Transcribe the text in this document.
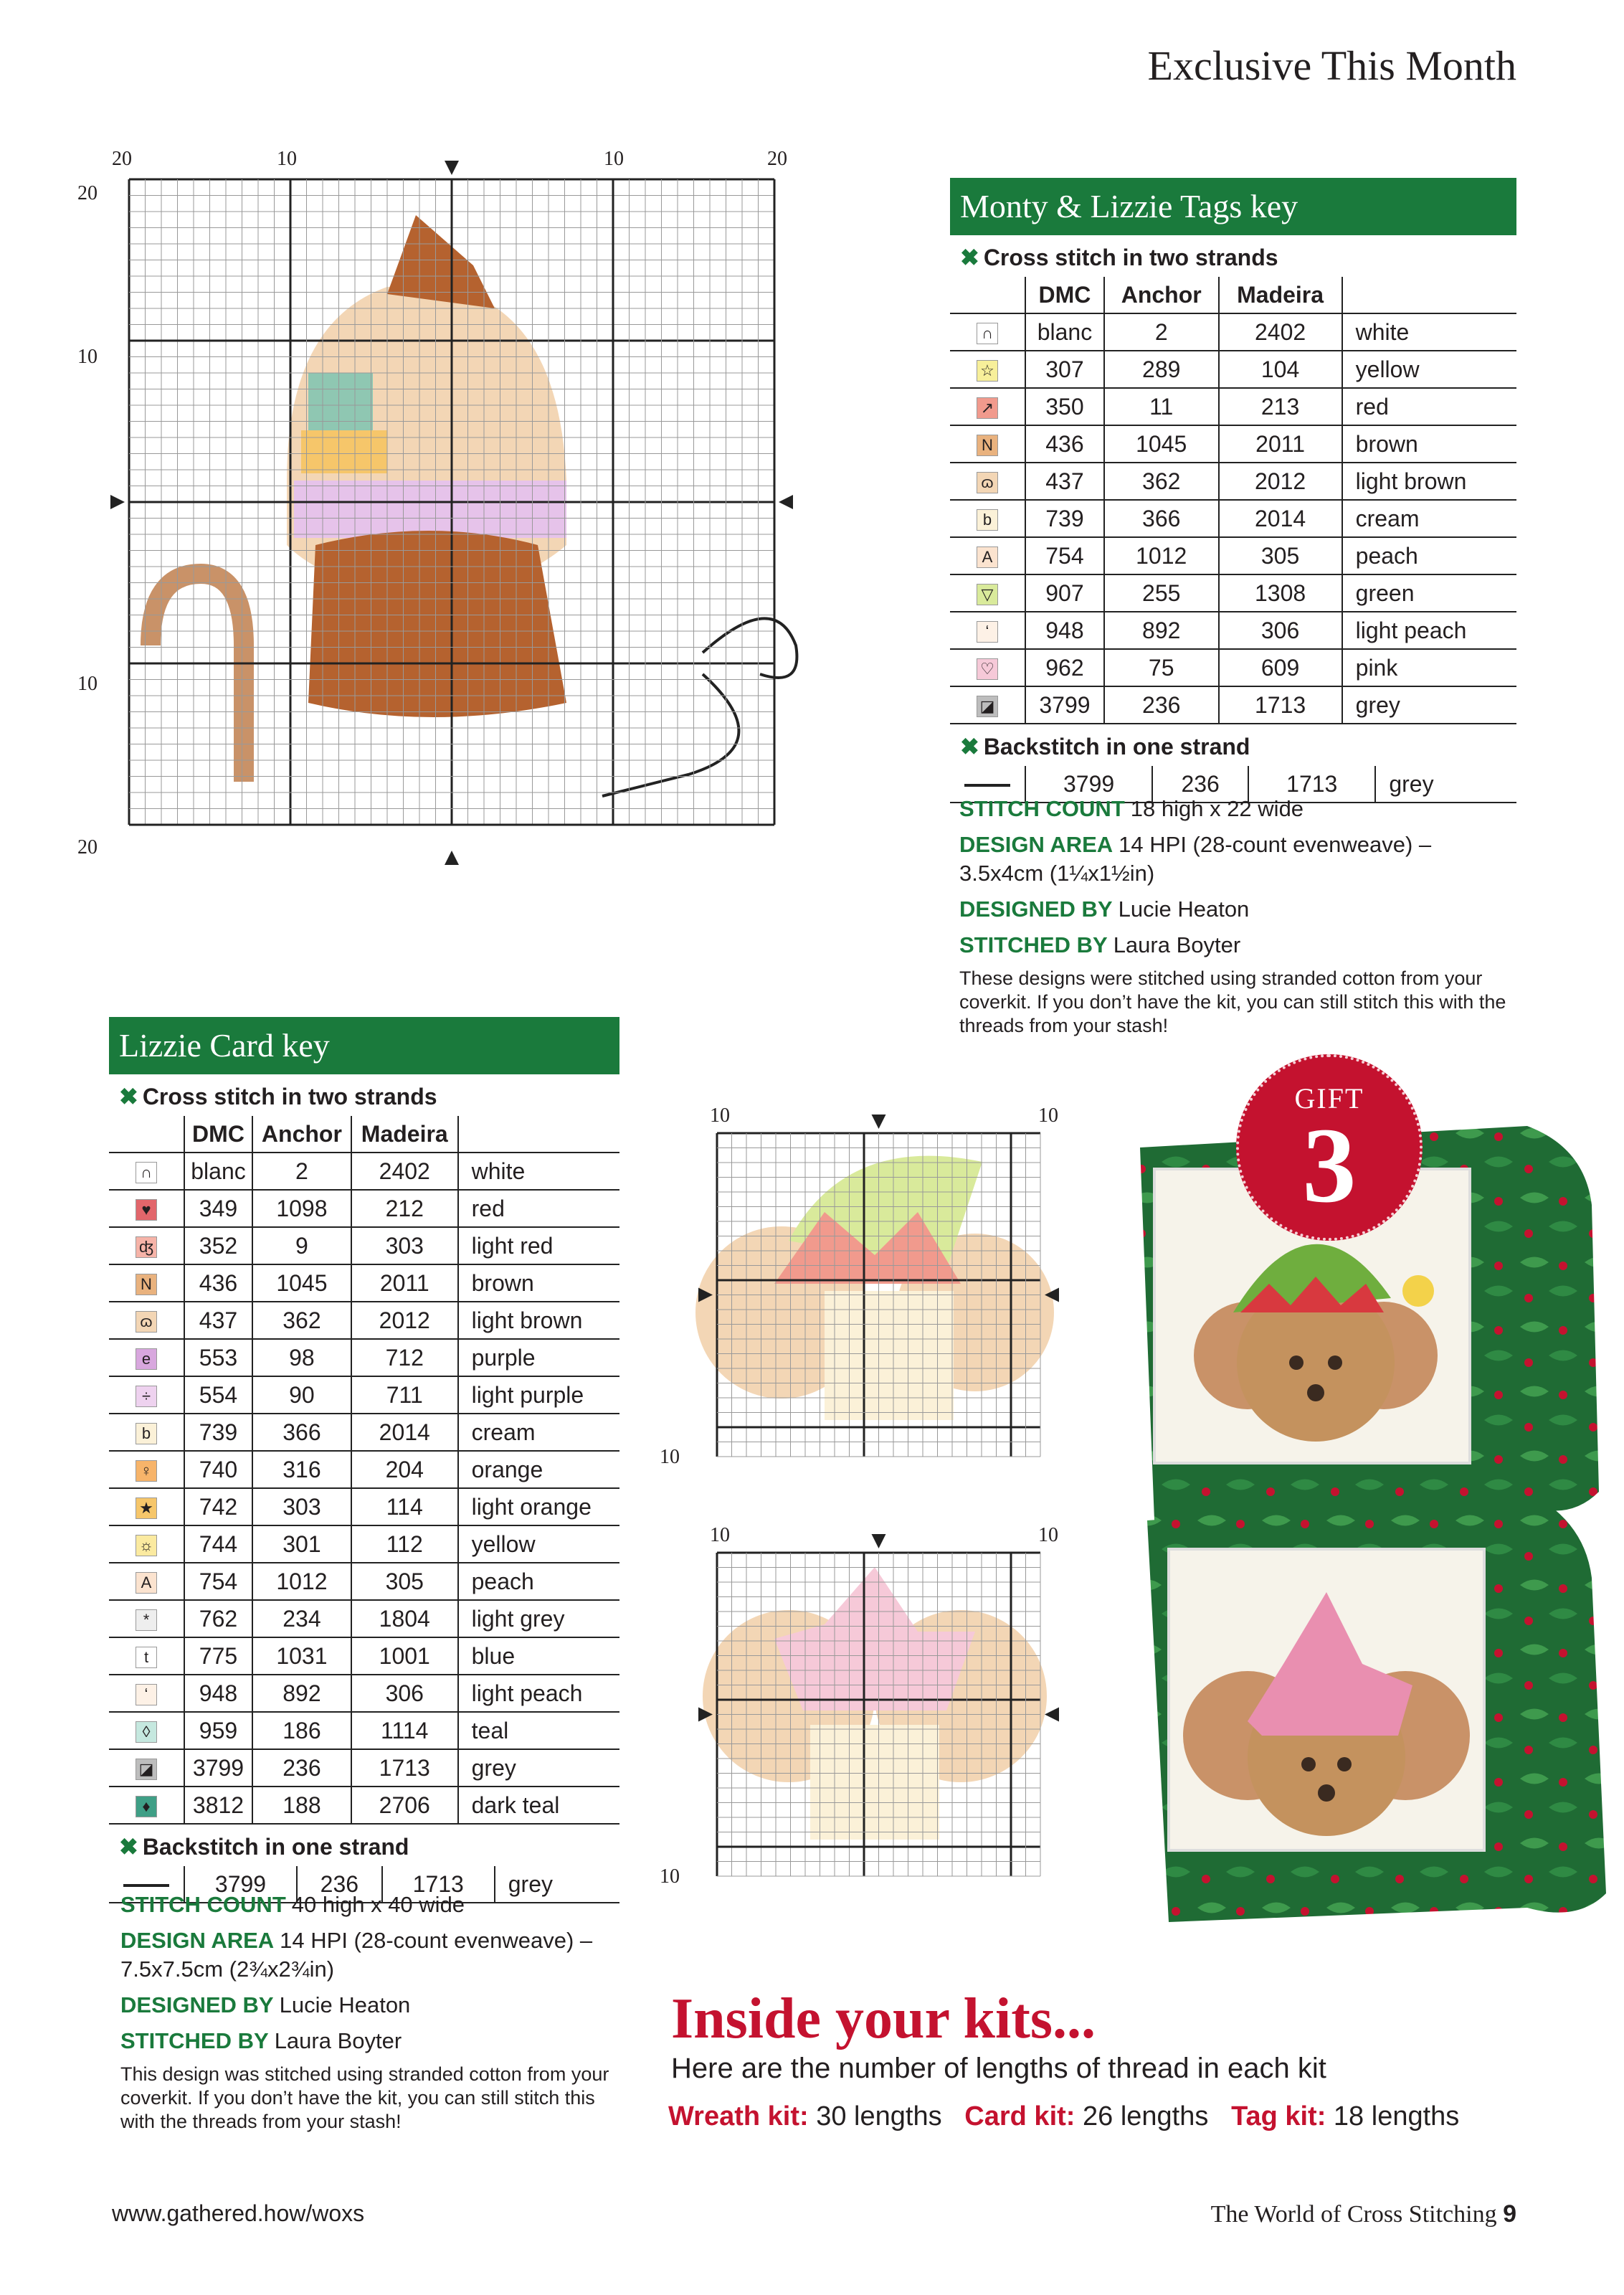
Exclusive This Month
20	10	10	20
20
10
10
20
Monty & Lizzie Tags key
✖ Cross stitch in two strands
	DMC	Anchor	Madeira	
∩	blanc	2	2402	white
☆	307	289	104	yellow
↗	350	11	213	red
N	436	1045	2011	brown
ɷ	437	362	2012	light brown
b	739	366	2014	cream
A	754	1012	305	peach
▽	907	255	1308	green
ʻ	948	892	306	light peach
♡	962	75	609	pink
◪	3799	236	1713	grey
✖ Backstitch in one strand
	3799	236	1713	grey

STITCH COUNT 18 high x 22 wide

DESIGN AREA 14 HPI (28-count evenweave) – 3.5x4cm (1¼x1½in)

DESIGNED BY Lucie Heaton

STITCHED BY Laura Boyter

These designs were stitched using stranded cotton from your coverkit. If you don’t have the kit, you can still stitch this with the threads from your stash!
Lizzie Card key
✖ Cross stitch in two strands
	DMC	Anchor	Madeira	
∩	blanc	2	2402	white
♥	349	1098	212	red
ʤ	352	9	303	light red
N	436	1045	2011	brown
ɷ	437	362	2012	light brown
e	553	98	712	purple
÷	554	90	711	light purple
b	739	366	2014	cream
♀	740	316	204	orange
★	742	303	114	light orange
☼	744	301	112	yellow
A	754	1012	305	peach
*	762	234	1804	light grey
t	775	1031	1001	blue
ʻ	948	892	306	light peach
◊	959	186	1114	teal
◪	3799	236	1713	grey
♦	3812	188	2706	dark teal
✖ Backstitch in one strand
	3799	236	1713	grey

STITCH COUNT 40 high x 40 wide

DESIGN AREA 14 HPI (28-count evenweave) – 7.5x7.5cm (2¾x2¾in)

DESIGNED BY Lucie Heaton

STITCHED BY Laura Boyter

This design was stitched using stranded cotton from your coverkit. If you don’t have the kit, you can still stitch this with the threads from your stash!
10	10
10
10	10
10
GIFT
3
Inside your kits...
Here are the number of lengths of thread in each kit
Wreath kit: 30 lengths Card kit: 26 lengths Tag kit: 18 lengths
www.gathered.how/woxs	The World of Cross Stitching 9
